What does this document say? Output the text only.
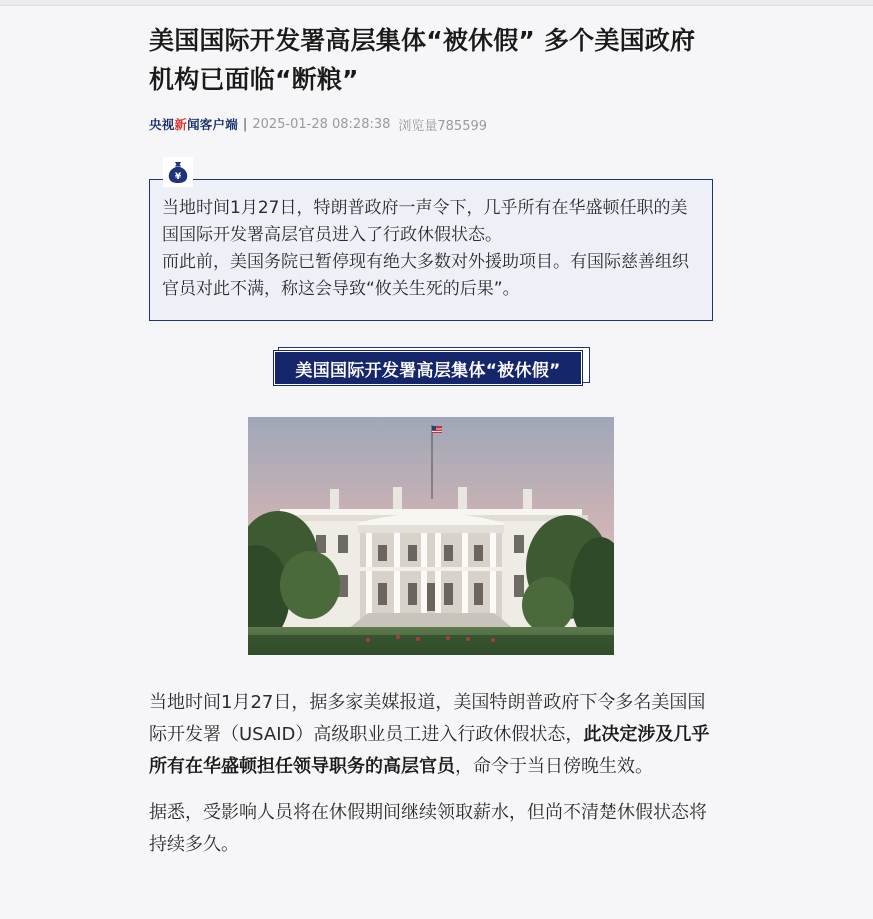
美国国际开发署高层集体“被休假” 多个美国政府机构已面临“断粮”
央视新闻客户端 | 2025-01-28 08:28:38 浏览量785599
¥

当地时间1月27日，特朗普政府一声令下，几乎所有在华盛顿任职的美国国际开发署高层官员进入了行政休假状态。

而此前，美国务院已暂停现有绝大多数对外援助项目。有国际慈善组织官员对此不满，称这会导致“攸关生死的后果”。

美国国际开发署高层集体“被休假”

当地时间1月27日，据多家美媒报道，美国特朗普政府下令多名美国国际开发署（USAID）高级职业员工进入行政休假状态，此决定涉及几乎所有在华盛顿担任领导职务的高层官员，命令于当日傍晚生效。

据悉，受影响人员将在休假期间继续领取薪水，但尚不清楚休假状态将持续多久。
